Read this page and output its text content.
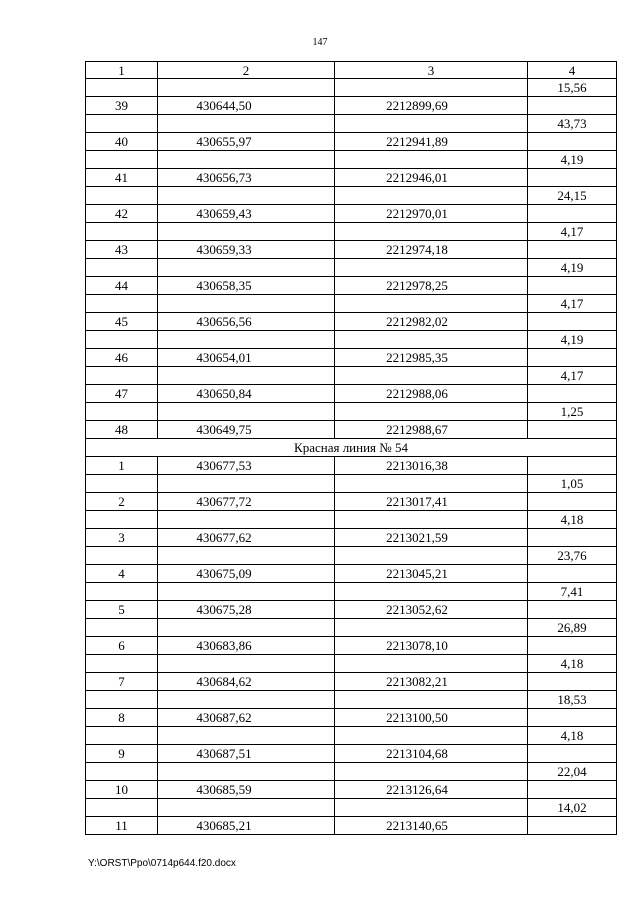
147
1	2	3	4
			15,56
39	430644,50	2212899,69	
			43,73
40	430655,97	2212941,89	
			4,19
41	430656,73	2212946,01	
			24,15
42	430659,43	2212970,01	
			4,17
43	430659,33	2212974,18	
			4,19
44	430658,35	2212978,25	
			4,17
45	430656,56	2212982,02	
			4,19
46	430654,01	2212985,35	
			4,17
47	430650,84	2212988,06	
			1,25
48	430649,75	2212988,67	
Красная линия № 54			
1	430677,53	2213016,38	
			1,05
2	430677,72	2213017,41	
			4,18
3	430677,62	2213021,59	
			23,76
4	430675,09	2213045,21	
			7,41
5	430675,28	2213052,62	
			26,89
6	430683,86	2213078,10	
			4,18
7	430684,62	2213082,21	
			18,53
8	430687,62	2213100,50	
			4,18
9	430687,51	2213104,68	
			22,04
10	430685,59	2213126,64	
			14,02
11	430685,21	2213140,65	
Y:\ORST\Ppo\0714p644.f20.docx
